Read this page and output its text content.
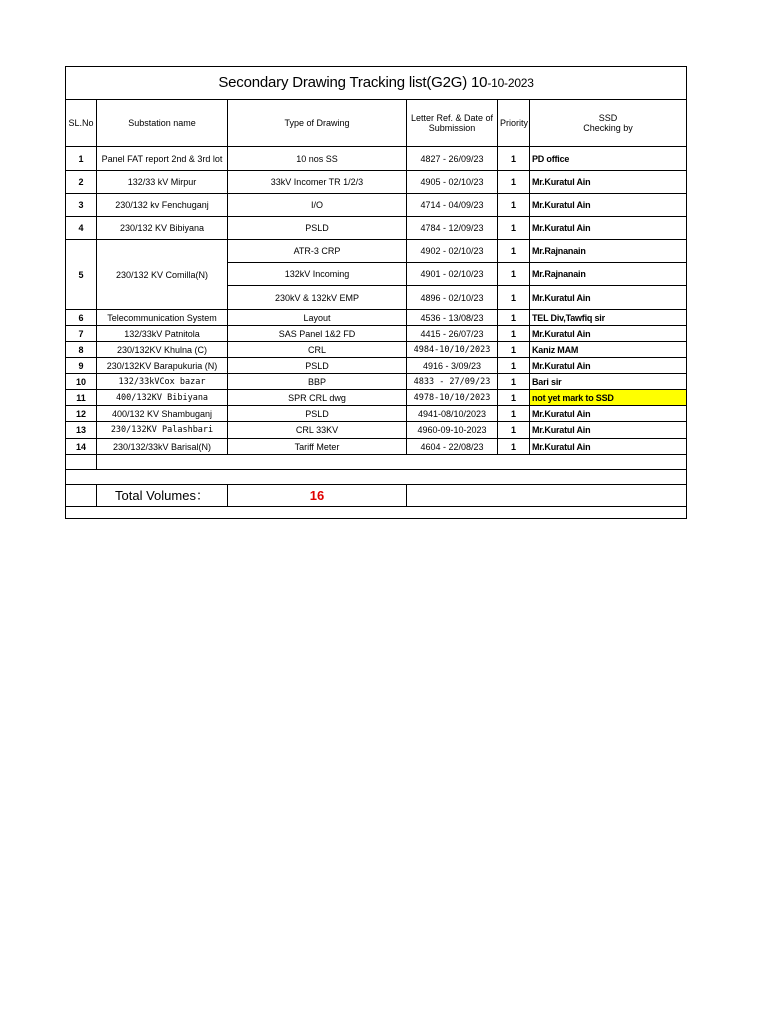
Secondary Drawing Tracking list(G2G) 10-10-2023					
SL.No	Substation name	Type of Drawing	Letter Ref. & Date of Submission	Priority	SSD
Checking by
1	Panel FAT report 2nd & 3rd lot	10 nos SS	4827 - 26/09/23	1	PD office
2	132/33 kV Mirpur	33kV Incomer TR 1/2/3	4905 - 02/10/23	1	Mr.Kuratul Ain
3	230/132 kv Fenchuganj	I/O	4714 - 04/09/23	1	Mr.Kuratul Ain
4	230/132 KV Bibiyana	PSLD	4784 - 12/09/23	1	Mr.Kuratul Ain
5	230/132 KV Comilla(N)	ATR-3 CRP	4902 - 02/10/23	1	Mr.Rajnanain
		132kV Incoming	4901 - 02/10/23	1	Mr.Rajnanain
		230kV & 132kV EMP	4896 - 02/10/23	1	Mr.Kuratul Ain
6	Telecommunication System	Layout	4536 - 13/08/23	1	TEL Div,Tawfiq sir
7	132/33kV Patnitola	SAS Panel 1&2 FD	4415 - 26/07/23	1	Mr.Kuratul Ain
8	230/132KV Khulna (C)	CRL	4984-10/10/2023	1	Kaniz MAM
9	230/132KV Barapukuria (N)	PSLD	4916 - 3/09/23	1	Mr.Kuratul Ain
10	132/33kVCox bazar	BBP	4833 - 27/09/23	1	Bari sir
11	400/132KV Bibiyana	SPR CRL dwg	4978-10/10/2023	1	not yet mark to SSD
12	400/132 KV Shambuganj	PSLD	4941-08/10/2023	1	Mr.Kuratul Ain
13	230/132KV Palashbari	CRL 33KV	4960-09-10-2023	1	Mr.Kuratul Ain
14	230/132/33kV Barisal(N)	Tariff Meter	4604 - 22/08/23	1	Mr.Kuratul Ain

	Total Volumes：	16			
